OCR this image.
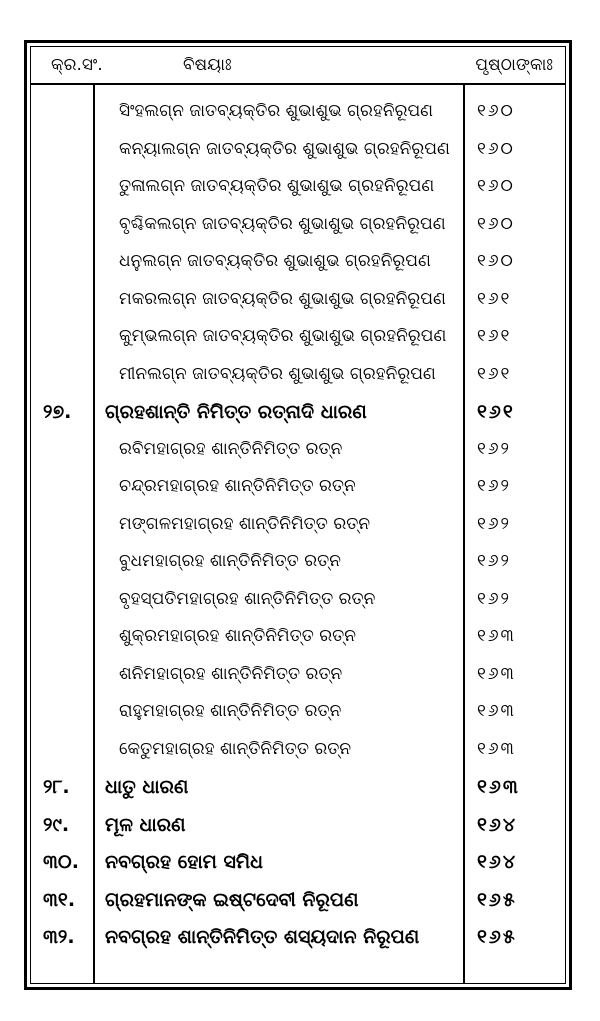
କ୍ର.ସଂ.	ବିଷୟାଃ	ପୃଷ୍ଠାଙ୍କାଃ
ସିଂହଲଗ୍ନ ଜାତବ୍ୟକ୍ତିର ଶୁଭାଶୁଭ ଗ୍ରହନିରୂପଣ	୧୬୦
କନ୍ୟାଲଗ୍ନ ଜାତବ୍ୟକ୍ତିର ଶୁଭାଶୁଭ ଗ୍ରହନିରୂପଣ ୧୬୦
ତୁଳାଲଗ୍ନ ଜାତବ୍ୟକ୍ତିର ଶୁଭାଶୁଭ ଗ୍ରହନିରୂପଣ	୧୬୦
ବୃଶ୍ଚିକଲଗ୍ନ ଜାତବ୍ୟକ୍ତିର ଶୁଭାଶୁଭ ଗ୍ରହନିରୂପଣ ୧୬୦
ଧନୁଲଗ୍ନ ଜାତବ୍ୟକ୍ତିର ଶୁଭାଶୁଭ ଗ୍ରହନିରୂପଣ	୧୬୦
ମକରଲଗ୍ନ ଜାତବ୍ୟକ୍ତିର ଶୁଭାଶୁଭ ଗ୍ରହନିରୂପଣ ୧୬୧
କୁମ୍ଭଲଗ୍ନ ଜାତବ୍ୟକ୍ତିର ଶୁଭାଶୁଭ ଗ୍ରହନିରୂପଣ ୧୬୧
ମୀନଲଗ୍ନ ଜାତବ୍ୟକ୍ତିର ଶୁଭାଶୁଭ ଗ୍ରହନିରୂପଣ ୧୬୧
୨୭. ଗ୍ରହଶାନ୍ତି ନିମିତ୍ତ ରତ୍ନାଦି ଧାରଣ	୧୬୧
ରବିମହାଗ୍ରହ ଶାନ୍ତିନିମିତ୍ତ ରତ୍ନ	୧୬୨
ଚନ୍ଦ୍ରମହାଗ୍ରହ ଶାନ୍ତିନିମିତ୍ତ ରତ୍ନ	୧୬୨
ମଙ୍ଗଳମହାଗ୍ରହ ଶାନ୍ତିନିମିତ୍ତ ରତ୍ନ	୧୬୨
ବୁଧମହାଗ୍ରହ ଶାନ୍ତିନିମିତ୍ତ ରତ୍ନ	୧୬୨
ବୃହସ୍ପତିମହାଗ୍ରହ ଶାନ୍ତିନିମିତ୍ତ ରତ୍ନ	୧୬୨
ଶୁକ୍ରମହାଗ୍ରହ ଶାନ୍ତିନିମିତ୍ତ ରତ୍ନ	୧୬୩
ଶନିମହାଗ୍ରହ ଶାନ୍ତିନିମିତ୍ତ ରତ୍ନ	୧୬୩
ରାହୁମହାଗ୍ରହ ଶାନ୍ତିନିମିତ୍ତ ରତ୍ନ	୧୬୩
କେତୁମହାଗ୍ରହ ଶାନ୍ତିନିମିତ୍ତ ରତ୍ନ	୧୬୩
୨୮. ଧାତୁ ଧାରଣ	୧୬୩
୨୯. ମୂଳ ଧାରଣ	୧୬୪
୩୦. ନବଗ୍ରହ ହୋମ ସମିଧ	୧୬୪
୩୧. ଗ୍ରହମାନଙ୍କ ଇଷ୍ଟଦେବୀ ନିରୂପଣ	୧୬୫
୩୨. ନବଗ୍ରହ ଶାନ୍ତିନିମିତ୍ତ ଶସ୍ୟଦାନ ନିରୂପଣ	୧୬୫
